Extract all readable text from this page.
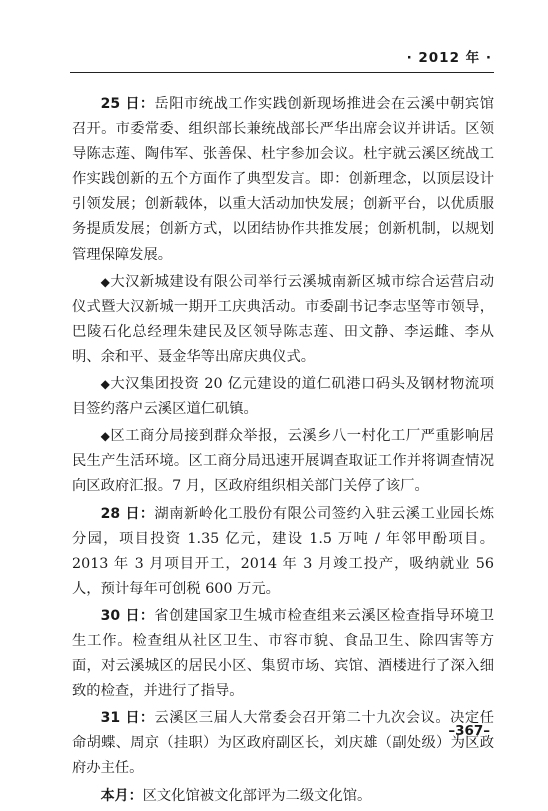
· 2012 年 ·

25 日：岳阳市统战工作实践创新现场推进会在云溪中朝宾馆召开。市委常委、组织部长兼统战部长严华出席会议并讲话。区领导陈志莲、陶伟军、张善保、杜宇参加会议。杜宇就云溪区统战工作实践创新的五个方面作了典型发言。即：创新理念，以顶层设计引领发展；创新载体，以重大活动加快发展；创新平台，以优质服务提质发展；创新方式，以团结协作共推发展；创新机制，以规划管理保障发展。

◆大汉新城建设有限公司举行云溪城南新区城市综合运营启动仪式暨大汉新城一期开工庆典活动。市委副书记李志坚等市领导，巴陵石化总经理朱建民及区领导陈志莲、田文静、李运雌、李从明、余和平、聂金华等出席庆典仪式。

◆大汉集团投资 20 亿元建设的道仁矶港口码头及钢材物流项目签约落户云溪区道仁矶镇。

◆区工商分局接到群众举报，云溪乡八一村化工厂严重影响居民生产生活环境。区工商分局迅速开展调查取证工作并将调查情况向区政府汇报。7 月，区政府组织相关部门关停了该厂。

28 日：湖南新岭化工股份有限公司签约入驻云溪工业园长炼分园，项目投资 1.35 亿元，建设 1.5 万吨 / 年邻甲酚项目。2013 年 3 月项目开工，2014 年 3 月竣工投产，吸纳就业 56 人，预计每年可创税 600 万元。

30 日：省创建国家卫生城市检查组来云溪区检查指导环境卫生工作。检查组从社区卫生、市容市貌、食品卫生、除四害等方面，对云溪城区的居民小区、集贸市场、宾馆、酒楼进行了深入细致的检查，并进行了指导。

31 日：云溪区三届人大常委会召开第二十九次会议。决定任命胡蝶、周京（挂职）为区政府副区长，刘庆雄（副处级）为区政府办主任。

本月：区文化馆被文化部评为二级文化馆。

–367–
